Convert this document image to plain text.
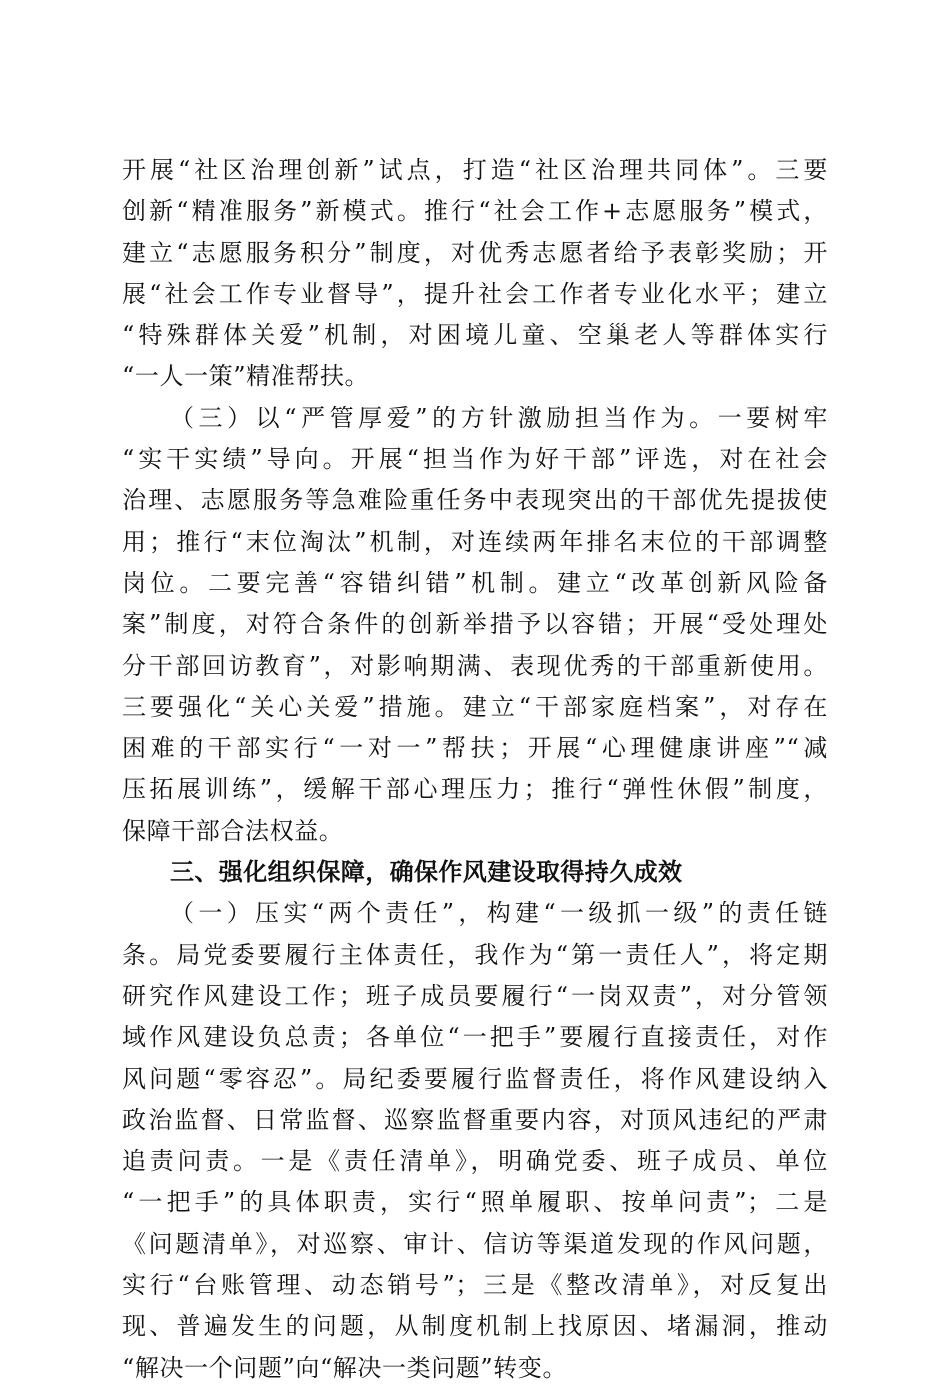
开展“社区治理创新”试点，打造“社区治理共同体”。三要
创新“精准服务”新模式。推行“社会工作+志愿服务”模式，
建立“志愿服务积分”制度，对优秀志愿者给予表彰奖励；开
展“社会工作专业督导”，提升社会工作者专业化水平；建立
“特殊群体关爱”机制，对困境儿童、空巢老人等群体实行
“一人一策”精准帮扶。
（三）以“严管厚爱”的方针激励担当作为。一要树牢
“实干实绩”导向。开展“担当作为好干部”评选，对在社会
治理、志愿服务等急难险重任务中表现突出的干部优先提拔使
用；推行“末位淘汰”机制，对连续两年排名末位的干部调整
岗位。二要完善“容错纠错”机制。建立“改革创新风险备
案”制度，对符合条件的创新举措予以容错；开展“受处理处
分干部回访教育”，对影响期满、表现优秀的干部重新使用。
三要强化“关心关爱”措施。建立“干部家庭档案”，对存在
困难的干部实行“一对一”帮扶；开展“心理健康讲座”“减
压拓展训练”，缓解干部心理压力；推行“弹性休假”制度，
保障干部合法权益。
三、强化组织保障，确保作风建设取得持久成效
（一）压实“两个责任”，构建“一级抓一级”的责任链
条。局党委要履行主体责任，我作为“第一责任人”，将定期
研究作风建设工作；班子成员要履行“一岗双责”，对分管领
域作风建设负总责；各单位“一把手”要履行直接责任，对作
风问题“零容忍”。局纪委要履行监督责任，将作风建设纳入
政治监督、日常监督、巡察监督重要内容，对顶风违纪的严肃
追责问责。一是《责任清单》，明确党委、班子成员、单位
“一把手”的具体职责，实行“照单履职、按单问责”；二是
《问题清单》，对巡察、审计、信访等渠道发现的作风问题，
实行“台账管理、动态销号”；三是《整改清单》，对反复出
现、普遍发生的问题，从制度机制上找原因、堵漏洞，推动
“解决一个问题”向“解决一类问题”转变。
